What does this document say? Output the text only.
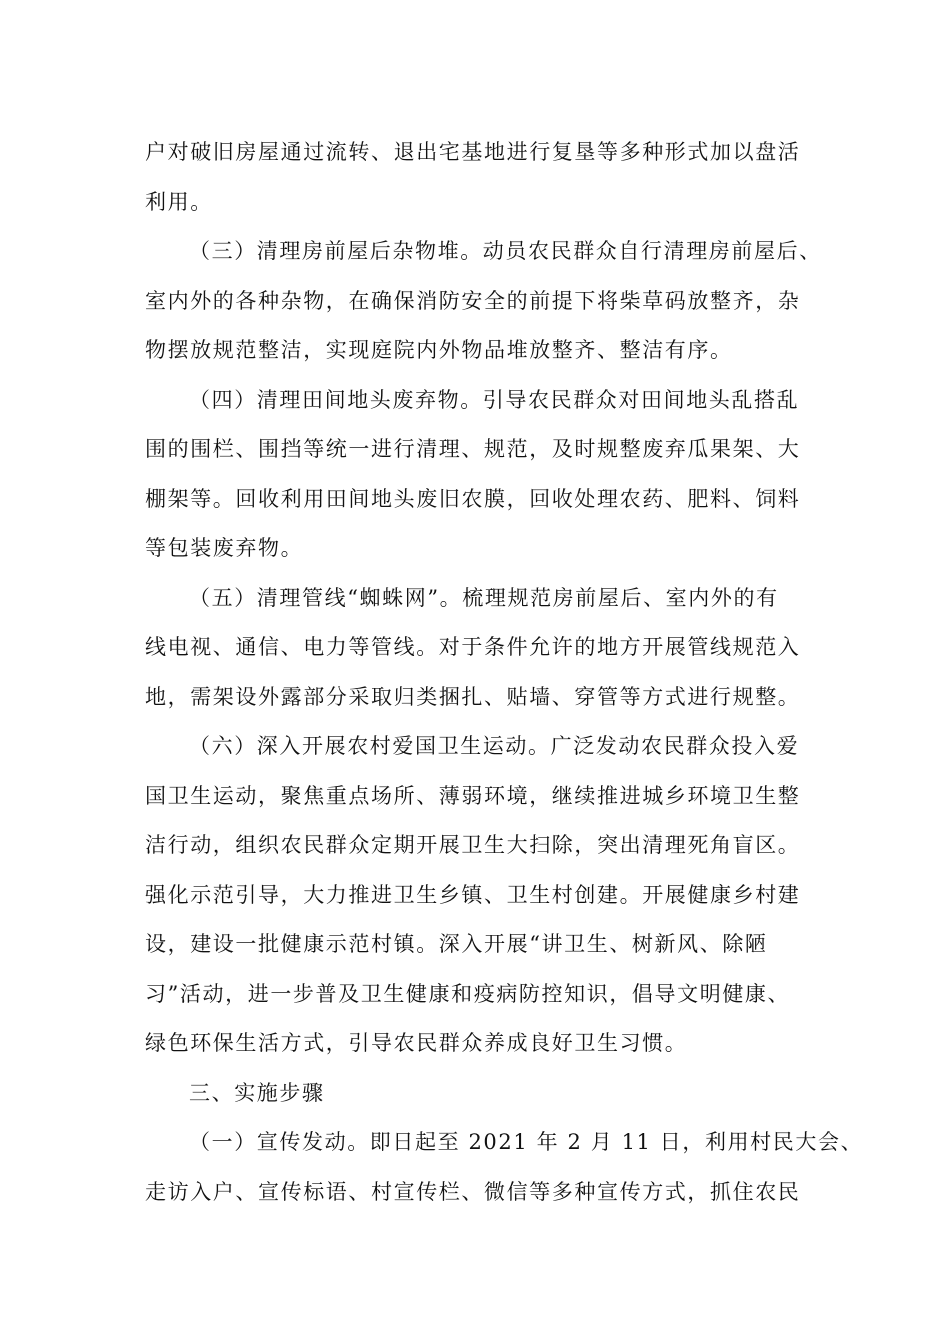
户对破旧房屋通过流转、退出宅基地进行复垦等多种形式加以盘活
利用。
（三）清理房前屋后杂物堆。动员农民群众自行清理房前屋后、
室内外的各种杂物，在确保消防安全的前提下将柴草码放整齐，杂
物摆放规范整洁，实现庭院内外物品堆放整齐、整洁有序。
（四）清理田间地头废弃物。引导农民群众对田间地头乱搭乱
围的围栏、围挡等统一进行清理、规范，及时规整废弃瓜果架、大
棚架等。回收利用田间地头废旧农膜，回收处理农药、肥料、饲料
等包装废弃物。
（五）清理管线“蜘蛛网”。梳理规范房前屋后、室内外的有
线电视、通信、电力等管线。对于条件允许的地方开展管线规范入
地，需架设外露部分采取归类捆扎、贴墙、穿管等方式进行规整。
（六）深入开展农村爱国卫生运动。广泛发动农民群众投入爱
国卫生运动，聚焦重点场所、薄弱环境，继续推进城乡环境卫生整
洁行动，组织农民群众定期开展卫生大扫除，突出清理死角盲区。
强化示范引导，大力推进卫生乡镇、卫生村创建。开展健康乡村建
设，建设一批健康示范村镇。深入开展“讲卫生、树新风、除陋
习”活动，进一步普及卫生健康和疫病防控知识，倡导文明健康、
绿色环保生活方式，引导农民群众养成良好卫生习惯。
三、实施步骤
（一）宣传发动。即日起至 2021 年 2 月 11 日，利用村民大会、
走访入户、宣传标语、村宣传栏、微信等多种宣传方式，抓住农民
